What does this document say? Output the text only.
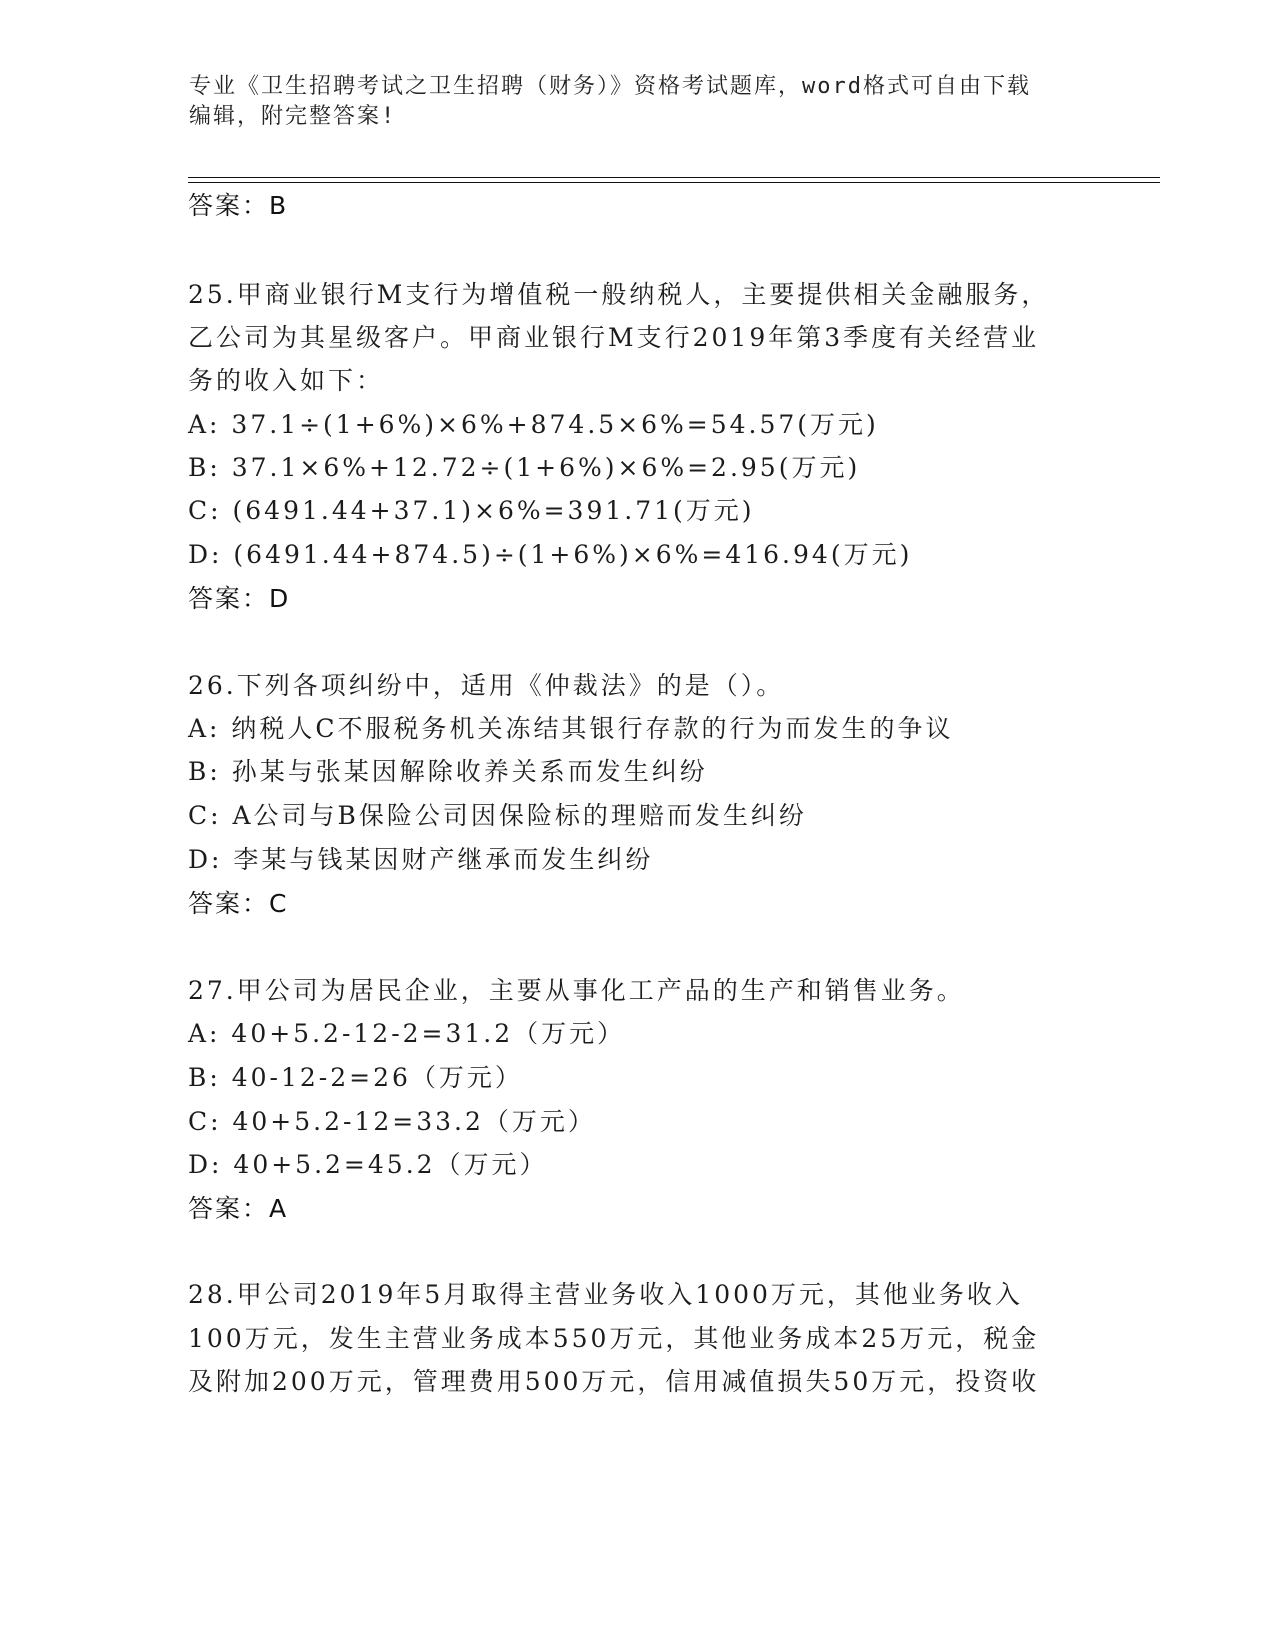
专业《卫生招聘考试之卫生招聘（财务）》资格考试题库，word格式可自由下载
编辑，附完整答案!
答案：B
25.甲商业银行M支行为增值税一般纳税人，主要提供相关金融服务，
乙公司为其星级客户。甲商业银行M支行2019年第3季度有关经营业
务的收入如下：
A: 37.1÷(1+6%)×6%+874.5×6%=54.57(万元)
B: 37.1×6%+12.72÷(1+6%)×6%=2.95(万元)
C: (6491.44+37.1)×6%=391.71(万元)
D: (6491.44+874.5)÷(1+6%)×6%=416.94(万元)
答案：D
26.下列各项纠纷中，适用《仲裁法》的是（）。
A: 纳税人C不服税务机关冻结其银行存款的行为而发生的争议
B: 孙某与张某因解除收养关系而发生纠纷
C: A公司与B保险公司因保险标的理赔而发生纠纷
D: 李某与钱某因财产继承而发生纠纷
答案：C
27.甲公司为居民企业，主要从事化工产品的生产和销售业务。
A: 40+5.2-12-2=31.2（万元）
B: 40-12-2=26（万元）
C: 40+5.2-12=33.2（万元）
D: 40+5.2=45.2（万元）
答案：A
28.甲公司2019年5月取得主营业务收入1000万元，其他业务收入
100万元，发生主营业务成本550万元，其他业务成本25万元，税金
及附加200万元，管理费用500万元，信用减值损失50万元，投资收
